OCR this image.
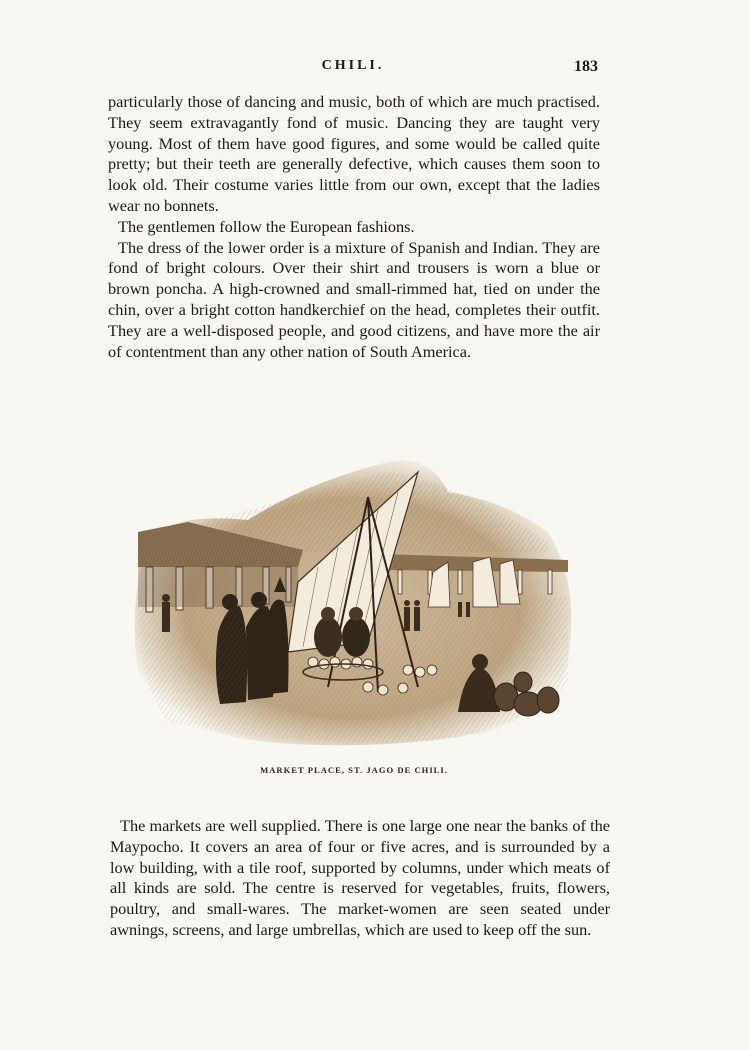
CHILI.	183

particularly those of dancing and music, both of which are much practised. They seem extravagantly fond of music. Dancing they are taught very young. Most of them have good figures, and some would be called quite pretty; but their teeth are generally defective, which causes them soon to look old. Their costume varies little from our own, except that the ladies wear no bonnets.

The gentlemen follow the European fashions.

The dress of the lower order is a mixture of Spanish and Indian. They are fond of bright colours. Over their shirt and trousers is worn a blue or brown poncha. A high-crowned and small-rimmed hat, tied on under the chin, over a bright cotton handkerchief on the head, completes their outfit. They are a well-disposed people, and good citizens, and have more the air of contentment than any other nation of South America.

MARKET PLACE, ST. JAGO DE CHILI.

The markets are well supplied. There is one large one near the banks of the Maypocho. It covers an area of four or five acres, and is surrounded by a low building, with a tile roof, supported by columns, under which meats of all kinds are sold. The centre is reserved for vegetables, fruits, flowers, poultry, and small-wares. The market-women are seen seated under awnings, screens, and large umbrellas, which are used to keep off the sun.
